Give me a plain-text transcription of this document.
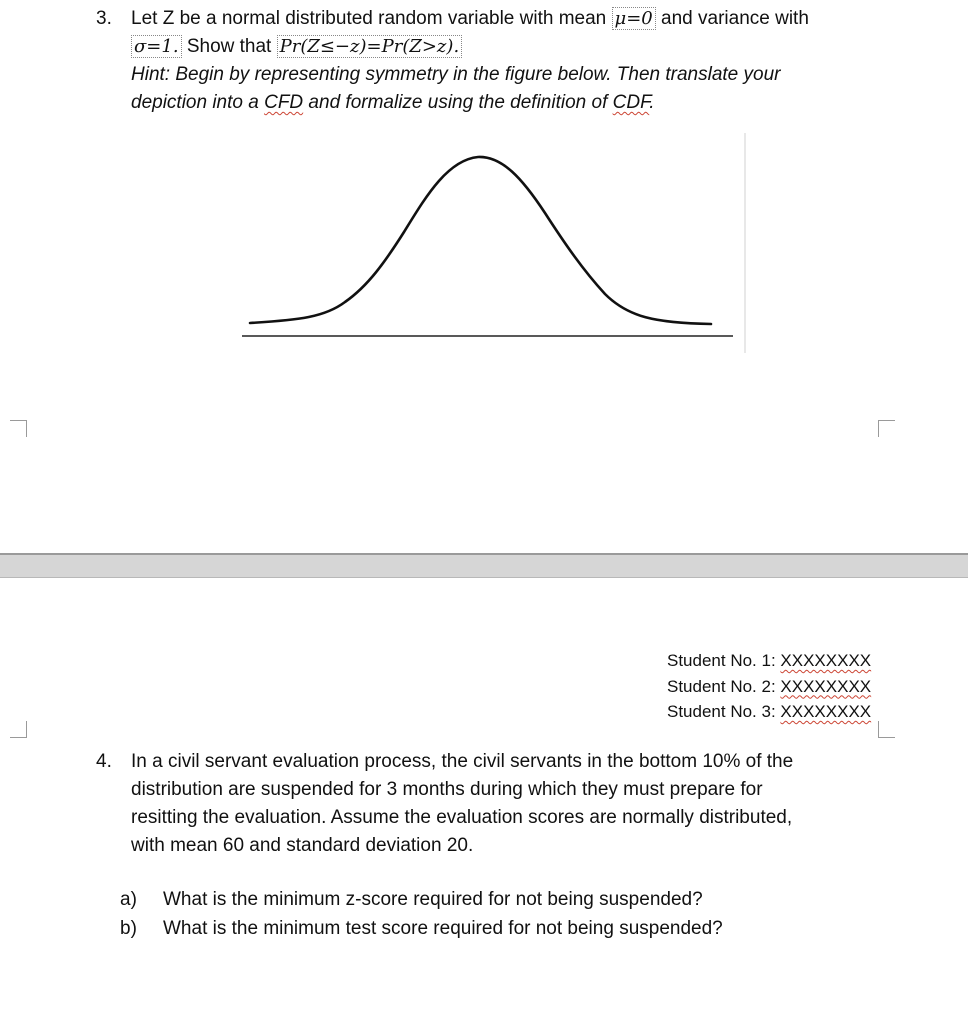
3. Let Z be a normal distributed random variable with mean μ=0 and variance with
σ=1. Show that Pr(Z≤−z)=Pr(Z>z).
Hint: Begin by representing symmetry in the figure below. Then translate your
depiction into a CFD and formalize using the definition of CDF.
Student No. 1: XXXXXXXX
Student No. 2: XXXXXXXX
Student No. 3: XXXXXXXX
4. In a civil servant evaluation process, the civil servants in the bottom 10% of the
distribution are suspended for 3 months during which they must prepare for
resitting the evaluation. Assume the evaluation scores are normally distributed,
with mean 60 and standard deviation 20.
a) What is the minimum z-score required for not being suspended?
b) What is the minimum test score required for not being suspended?
